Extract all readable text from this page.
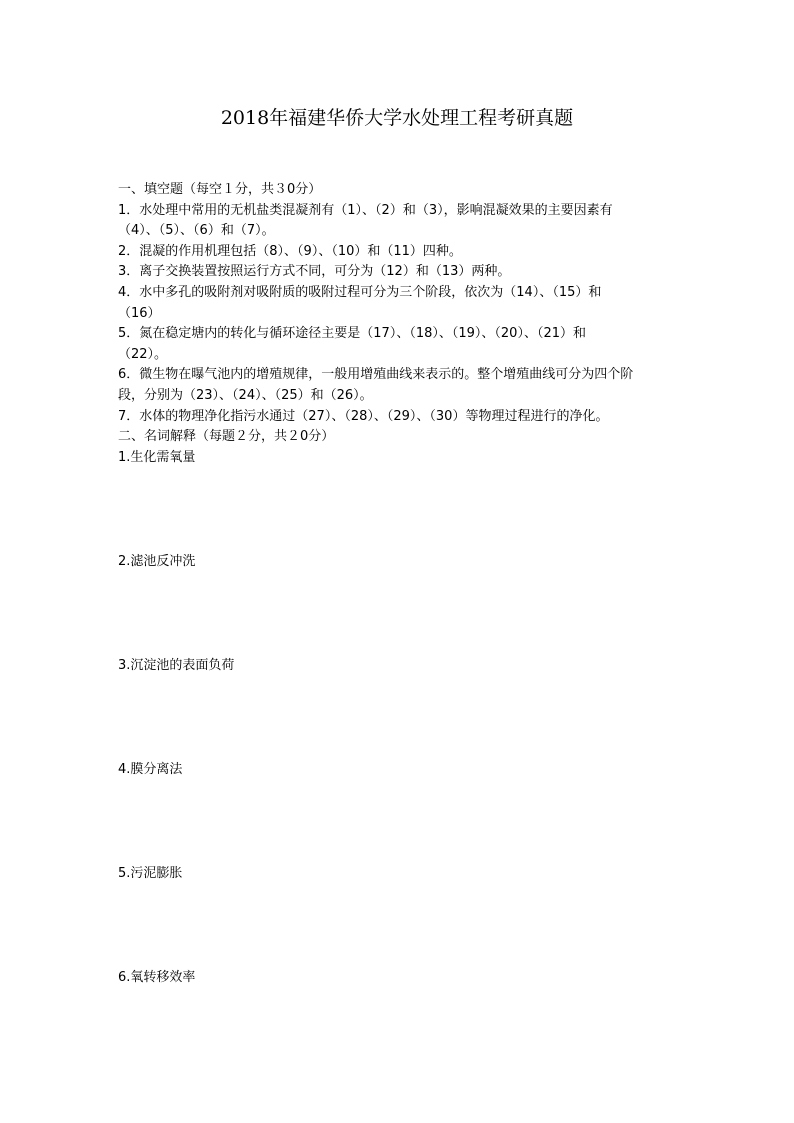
2018年福建华侨大学水处理工程考研真题
一、填空题（每空１分，共３0分）
1．水处理中常用的无机盐类混凝剂有（1）、（2）和（3），影响混凝效果的主要因素有
（4）、（5）、（6）和（7）。
2．混凝的作用机理包括（8）、（9）、（10）和（11）四种。
3．离子交换装置按照运行方式不同，可分为（12）和（13）两种。
4．水中多孔的吸附剂对吸附质的吸附过程可分为三个阶段，依次为（14）、（15）和
（16）
5．氮在稳定塘内的转化与循环途径主要是（17）、（18）、（19）、（20）、（21）和
（22）。
6．微生物在曝气池内的增殖规律，一般用增殖曲线来表示的。整个增殖曲线可分为四个阶
段，分别为（23）、（24）、（25）和（26）。
7．水体的物理净化指污水通过（27）、（28）、（29）、（30）等物理过程进行的净化。
二、名词解释（每题２分，共２0分）
1.生化需氧量
2.滤池反冲洗
3.沉淀池的表面负荷
4.膜分离法
5.污泥膨胀
6.氧转移效率
